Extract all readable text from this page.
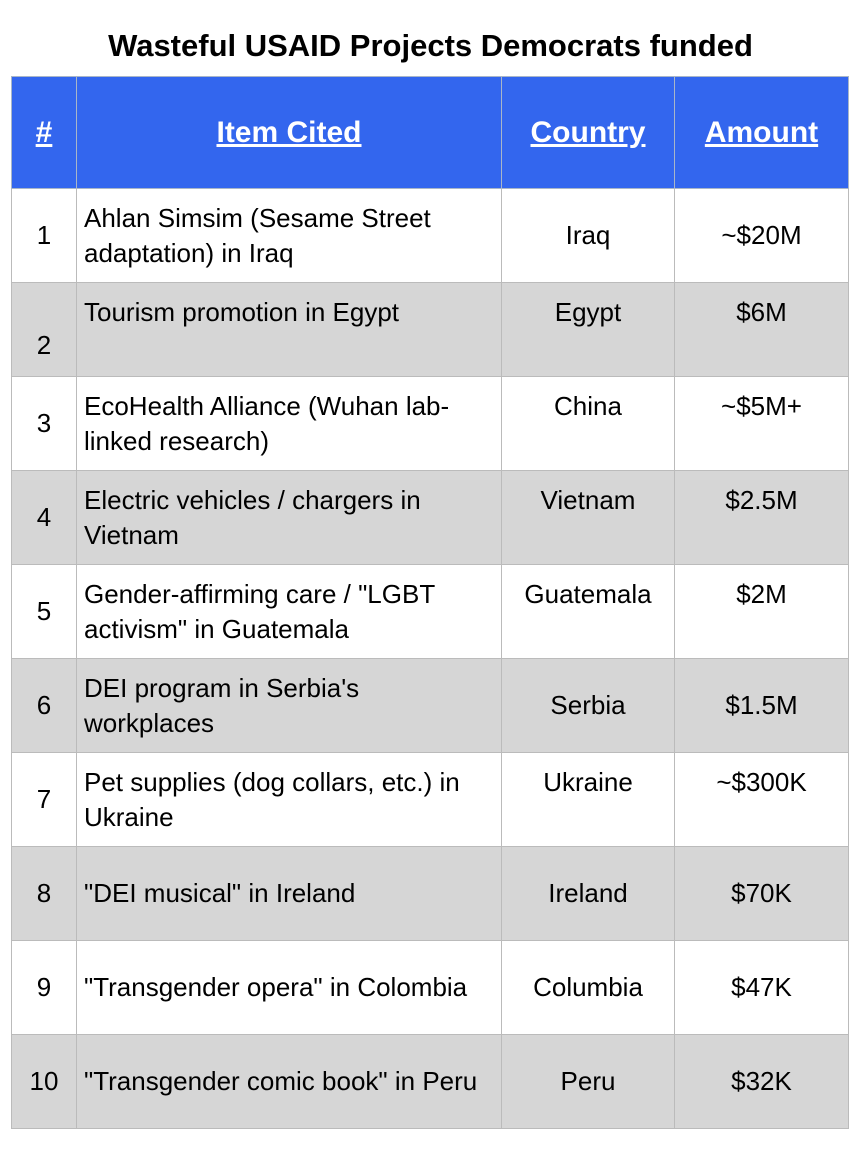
Wasteful USAID Projects Democrats funded
#	Item Cited	Country	Amount
1	Ahlan Simsim (Sesame Street adaptation) in Iraq	Iraq	~$20M
2	Tourism promotion in Egypt	Egypt	$6M
3	EcoHealth Alliance (Wuhan lab-linked research)	China	~$5M+
4	Electric vehicles / chargers in Vietnam	Vietnam	$2.5M
5	Gender-affirming care / "LGBT activism" in Guatemala	Guatemala	$2M
6	DEI program in Serbia's workplaces	Serbia	$1.5M
7	Pet supplies (dog collars, etc.) in Ukraine	Ukraine	~$300K
8	"DEI musical" in Ireland	Ireland	$70K
9	"Transgender opera" in Colombia	Columbia	$47K
10	"Transgender comic book" in Peru	Peru	$32K
